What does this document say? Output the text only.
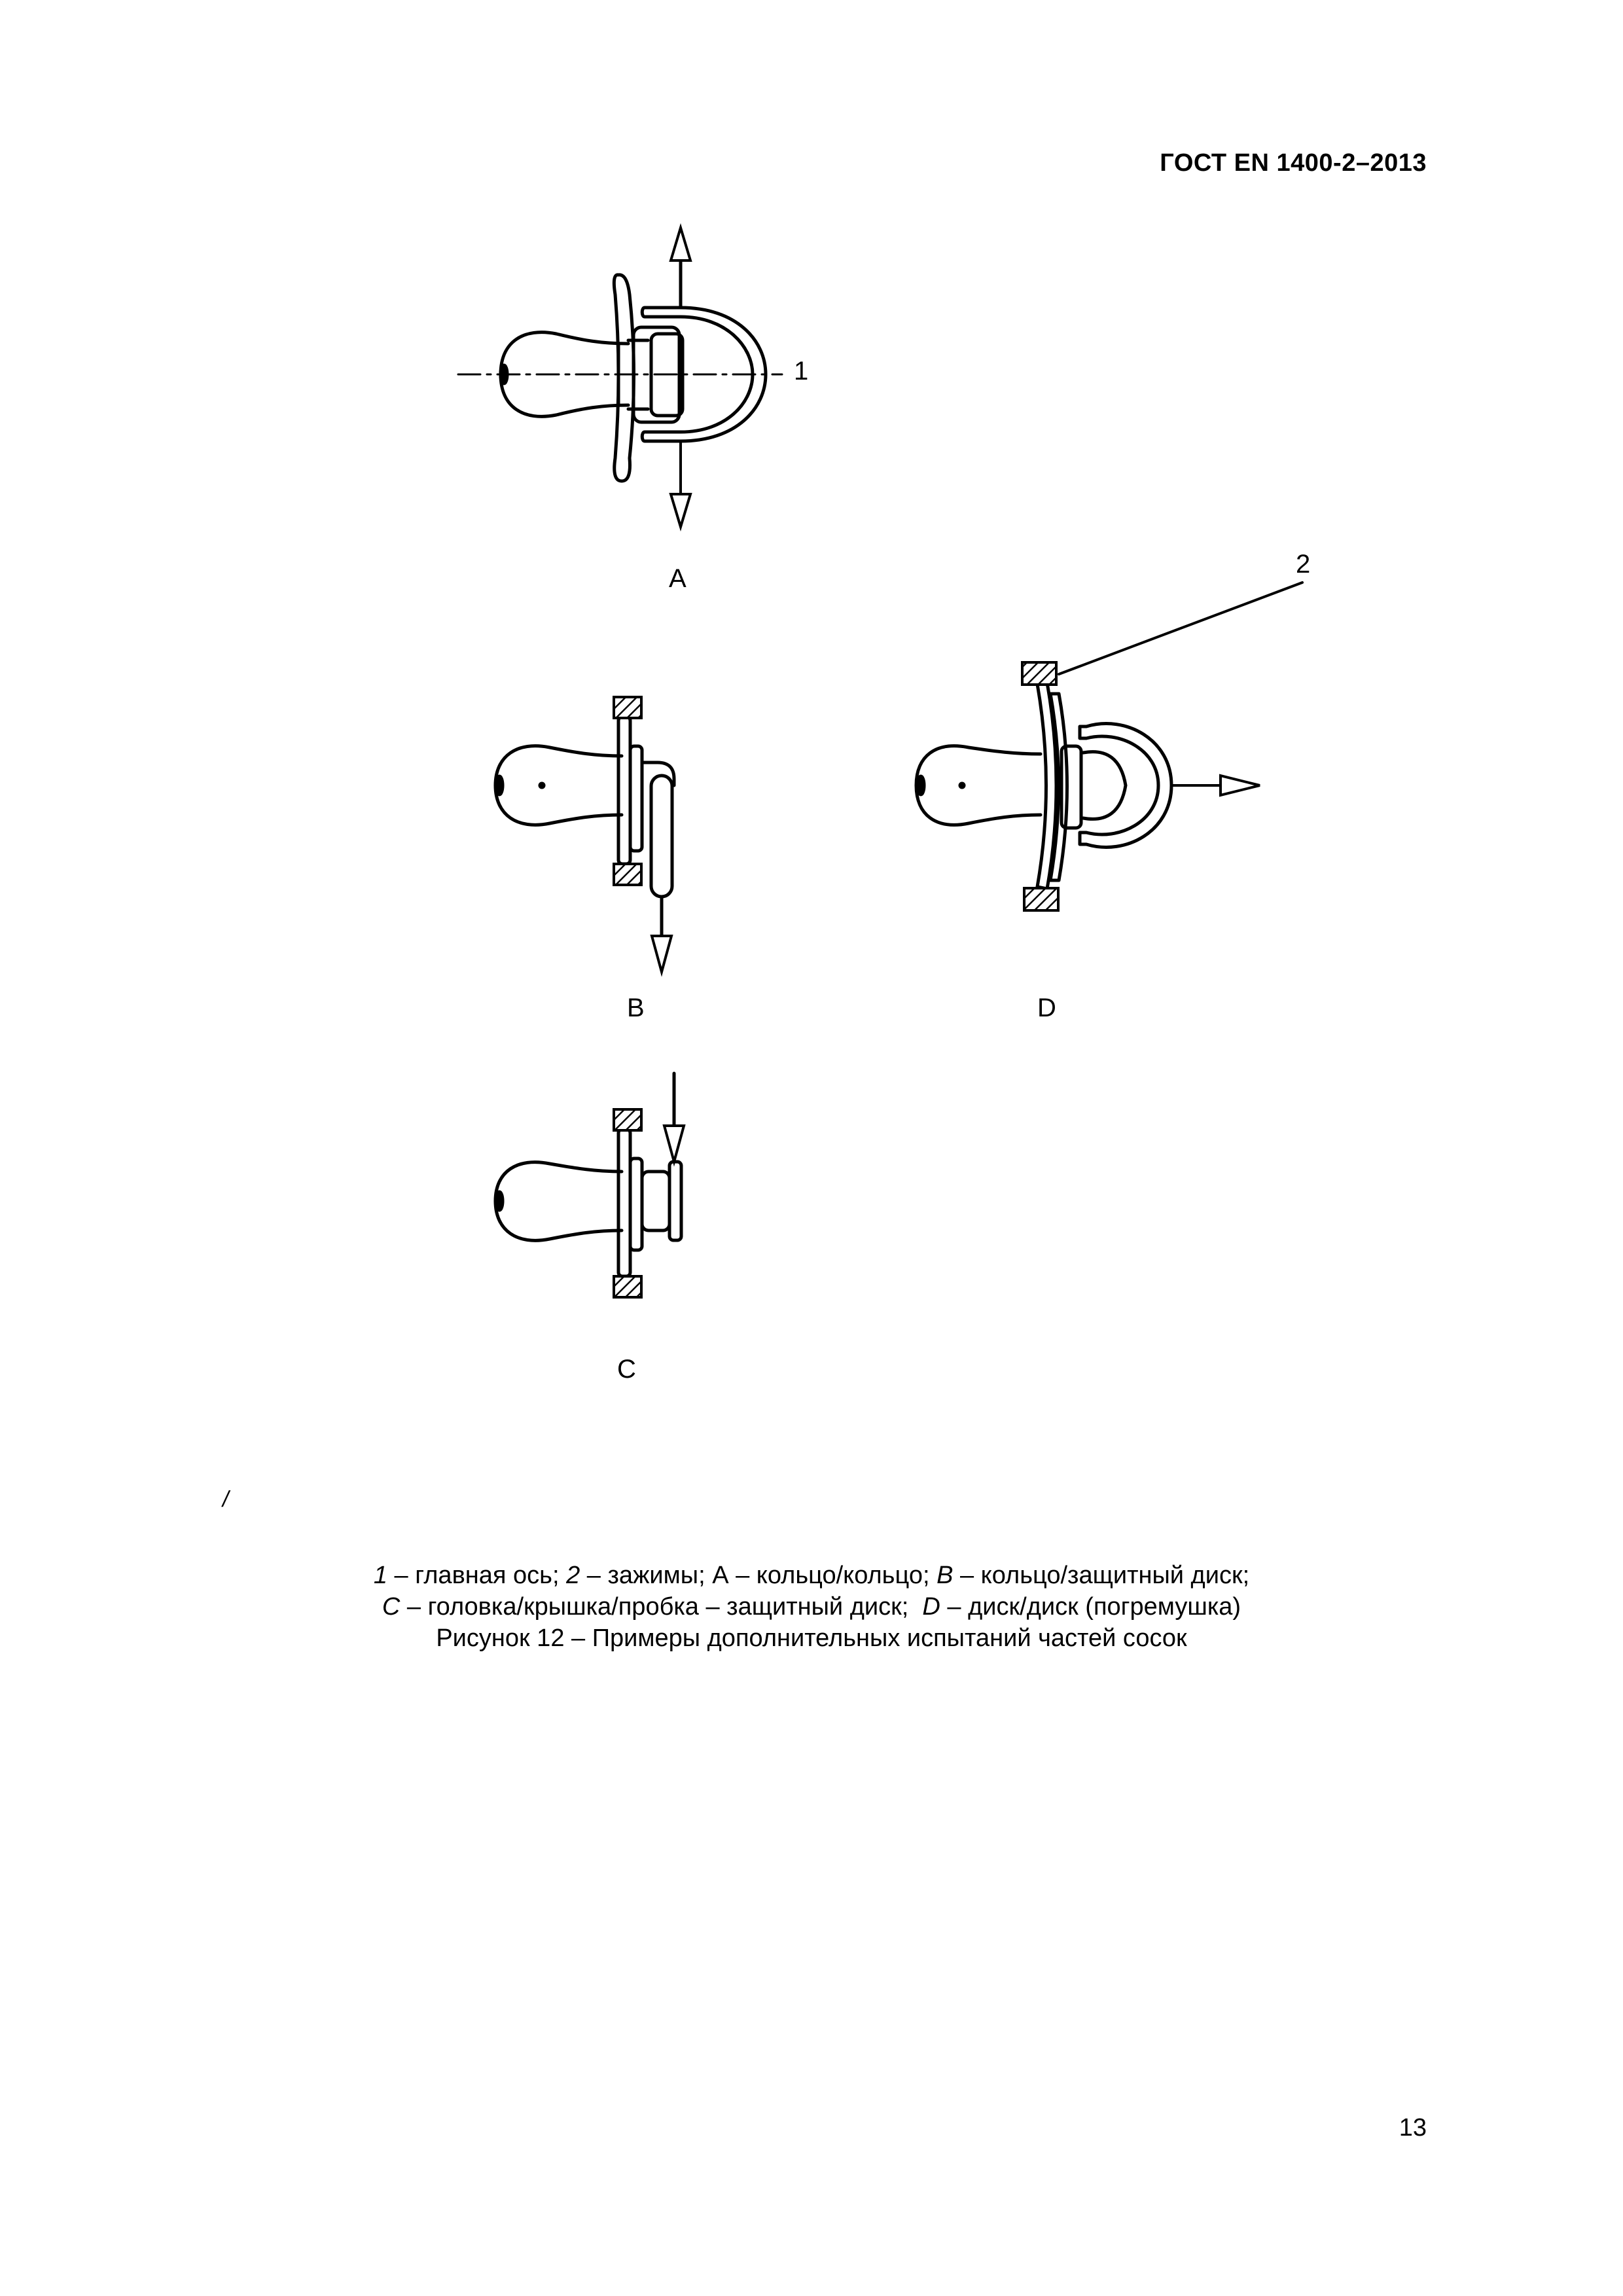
ГОСТ EN 1400-2–2013
1
2
A
B	D
C
/
1 – главная ось; 2 – зажимы; А – кольцо/кольцо; B – кольцо/защитный диск;
C – головка/крышка/пробка – защитный диск;  D – диск/диск (погремушка)
Рисунок 12 – Примеры дополнительных испытаний частей сосок
13
